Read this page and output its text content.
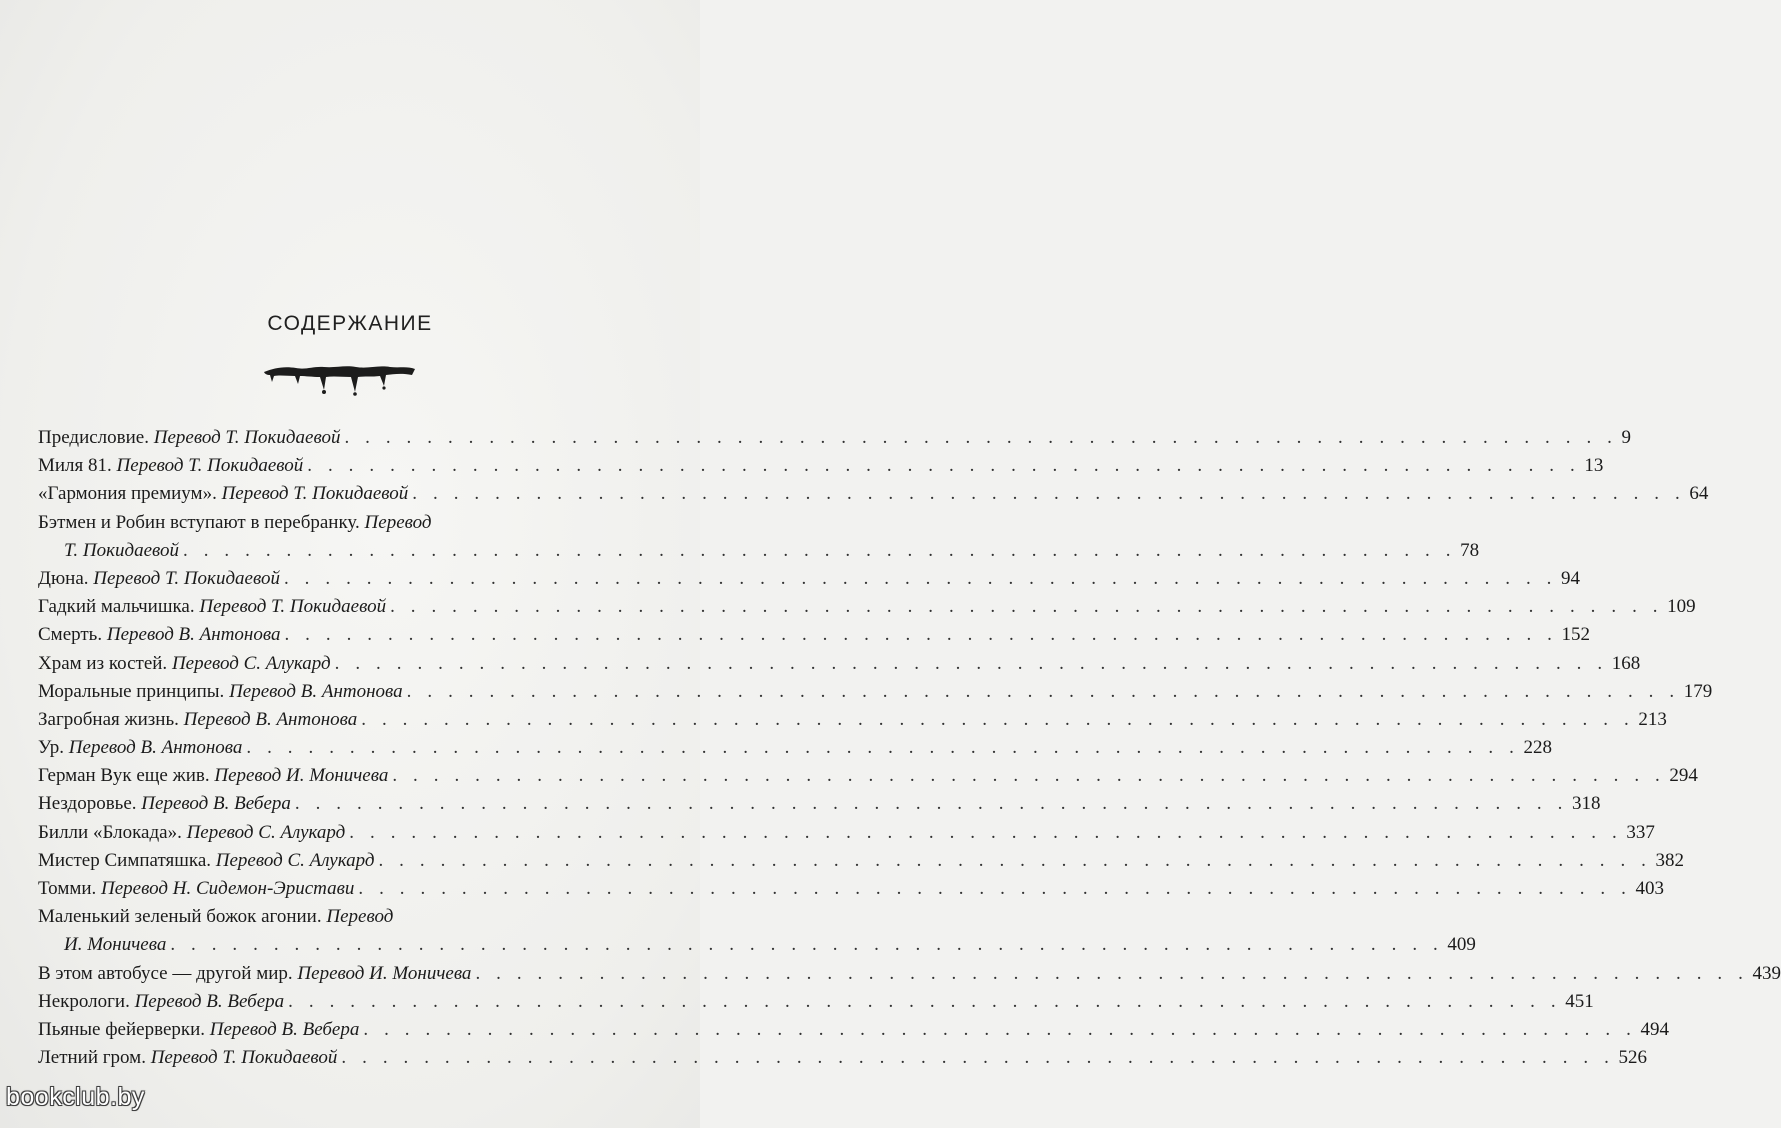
СОДЕРЖАНИЕ
Предисловие.
Перевод Т. Покидаевой . . . . . . . . . . . . . . . . . . . . . . . . . . . . . . . . . . . . . . . . . . . . . . . . . . . . . . . . . . . . . . 9
Миля 81.
Перевод Т. Покидаевой . . . . . . . . . . . . . . . . . . . . . . . . . . . . . . . . . . . . . . . . . . . . . . . . . . . . . . . . . . . . . . 13
«Гармония премиум».
Перевод Т. Покидаевой . . . . . . . . . . . . . . . . . . . . . . . . . . . . . . . . . . . . . . . . . . . . . . . . . . . . . . . . . . . . . . 64
Бэтмен и Робин вступают в перебранку.
Перевод
Т. Покидаевой . . . . . . . . . . . . . . . . . . . . . . . . . . . . . . . . . . . . . . . . . . . . . . . . . . . . . . . . . . . . . . 78
Дюна.
Перевод Т. Покидаевой . . . . . . . . . . . . . . . . . . . . . . . . . . . . . . . . . . . . . . . . . . . . . . . . . . . . . . . . . . . . . . 94
Гадкий мальчишка.
Перевод Т. Покидаевой . . . . . . . . . . . . . . . . . . . . . . . . . . . . . . . . . . . . . . . . . . . . . . . . . . . . . . . . . . . . . . 109
Смерть.
Перевод В. Антонова . . . . . . . . . . . . . . . . . . . . . . . . . . . . . . . . . . . . . . . . . . . . . . . . . . . . . . . . . . . . . . 152
Храм из костей.
Перевод С. Алукард . . . . . . . . . . . . . . . . . . . . . . . . . . . . . . . . . . . . . . . . . . . . . . . . . . . . . . . . . . . . . . 168
Моральные принципы.
Перевод В. Антонова . . . . . . . . . . . . . . . . . . . . . . . . . . . . . . . . . . . . . . . . . . . . . . . . . . . . . . . . . . . . . . 179
Загробная жизнь.
Перевод В. Антонова . . . . . . . . . . . . . . . . . . . . . . . . . . . . . . . . . . . . . . . . . . . . . . . . . . . . . . . . . . . . . . 213
Ур.
Перевод В. Антонова . . . . . . . . . . . . . . . . . . . . . . . . . . . . . . . . . . . . . . . . . . . . . . . . . . . . . . . . . . . . . . 228
Герман Вук еще жив.
Перевод И. Моничева . . . . . . . . . . . . . . . . . . . . . . . . . . . . . . . . . . . . . . . . . . . . . . . . . . . . . . . . . . . . . . 294
Нездоровье.
Перевод В. Вебера . . . . . . . . . . . . . . . . . . . . . . . . . . . . . . . . . . . . . . . . . . . . . . . . . . . . . . . . . . . . . . 318
Билли «Блокада».
Перевод С. Алукард . . . . . . . . . . . . . . . . . . . . . . . . . . . . . . . . . . . . . . . . . . . . . . . . . . . . . . . . . . . . . . 337
Мистер Симпатяшка.
Перевод С. Алукард . . . . . . . . . . . . . . . . . . . . . . . . . . . . . . . . . . . . . . . . . . . . . . . . . . . . . . . . . . . . . . 382
Томми.
Перевод Н. Сидемон-Эристави . . . . . . . . . . . . . . . . . . . . . . . . . . . . . . . . . . . . . . . . . . . . . . . . . . . . . . . . . . . . . . 403
Маленький зеленый божок агонии.
Перевод
И. Моничева . . . . . . . . . . . . . . . . . . . . . . . . . . . . . . . . . . . . . . . . . . . . . . . . . . . . . . . . . . . . . . 409
В этом автобусе — другой мир.
Перевод И. Моничева . . . . . . . . . . . . . . . . . . . . . . . . . . . . . . . . . . . . . . . . . . . . . . . . . . . . . . . . . . . . . . 439
Некрологи.
Перевод В. Вебера . . . . . . . . . . . . . . . . . . . . . . . . . . . . . . . . . . . . . . . . . . . . . . . . . . . . . . . . . . . . . . 451
Пьяные фейерверки.
Перевод В. Вебера . . . . . . . . . . . . . . . . . . . . . . . . . . . . . . . . . . . . . . . . . . . . . . . . . . . . . . . . . . . . . . 494
Летний гром.
Перевод Т. Покидаевой . . . . . . . . . . . . . . . . . . . . . . . . . . . . . . . . . . . . . . . . . . . . . . . . . . . . . . . . . . . . . . 526
bookclub.by
